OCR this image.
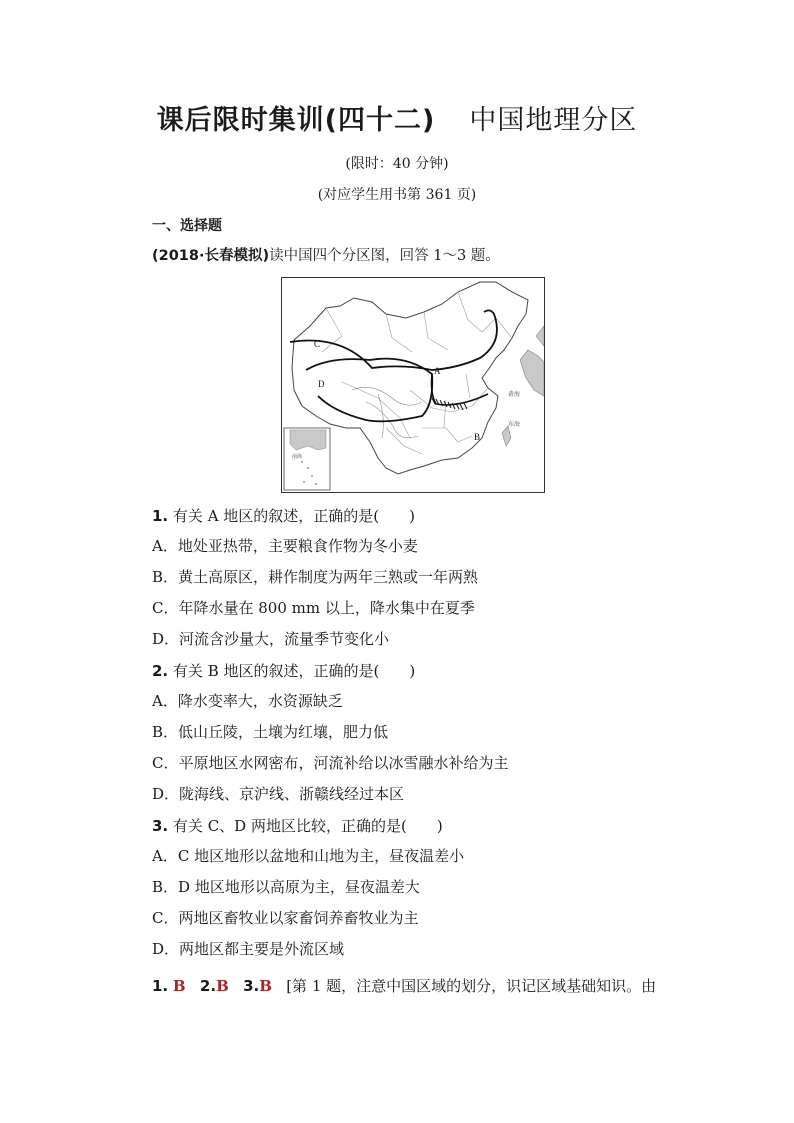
课后限时集训(四十二) 中国地理分区
(限时：40 分钟)
(对应学生用书第 361 页)
一、选择题
(2018·长春模拟)读中国四个分区图，回答 1～3 题。
C
D
A
B
黄海
东海
南海
1. 有关 A 地区的叙述，正确的是(　　)
A．地处亚热带，主要粮食作物为冬小麦
B．黄土高原区，耕作制度为两年三熟或一年两熟
C．年降水量在 800 mm 以上，降水集中在夏季
D．河流含沙量大，流量季节变化小
2. 有关 B 地区的叙述，正确的是(　　)
A．降水变率大，水资源缺乏
B．低山丘陵，土壤为红壤，肥力低
C．平原地区水网密布，河流补给以冰雪融水补给为主
D．陇海线、京沪线、浙赣线经过本区
3. 有关 C、D 两地区比较，正确的是(　　)
A．C 地区地形以盆地和山地为主，昼夜温差小
B．D 地区地形以高原为主，昼夜温差大
C．两地区畜牧业以家畜饲养畜牧业为主
D．两地区都主要是外流区域
1. B 2.B 3.B [第 1 题，注意中国区域的划分，识记区域基础知识。由
